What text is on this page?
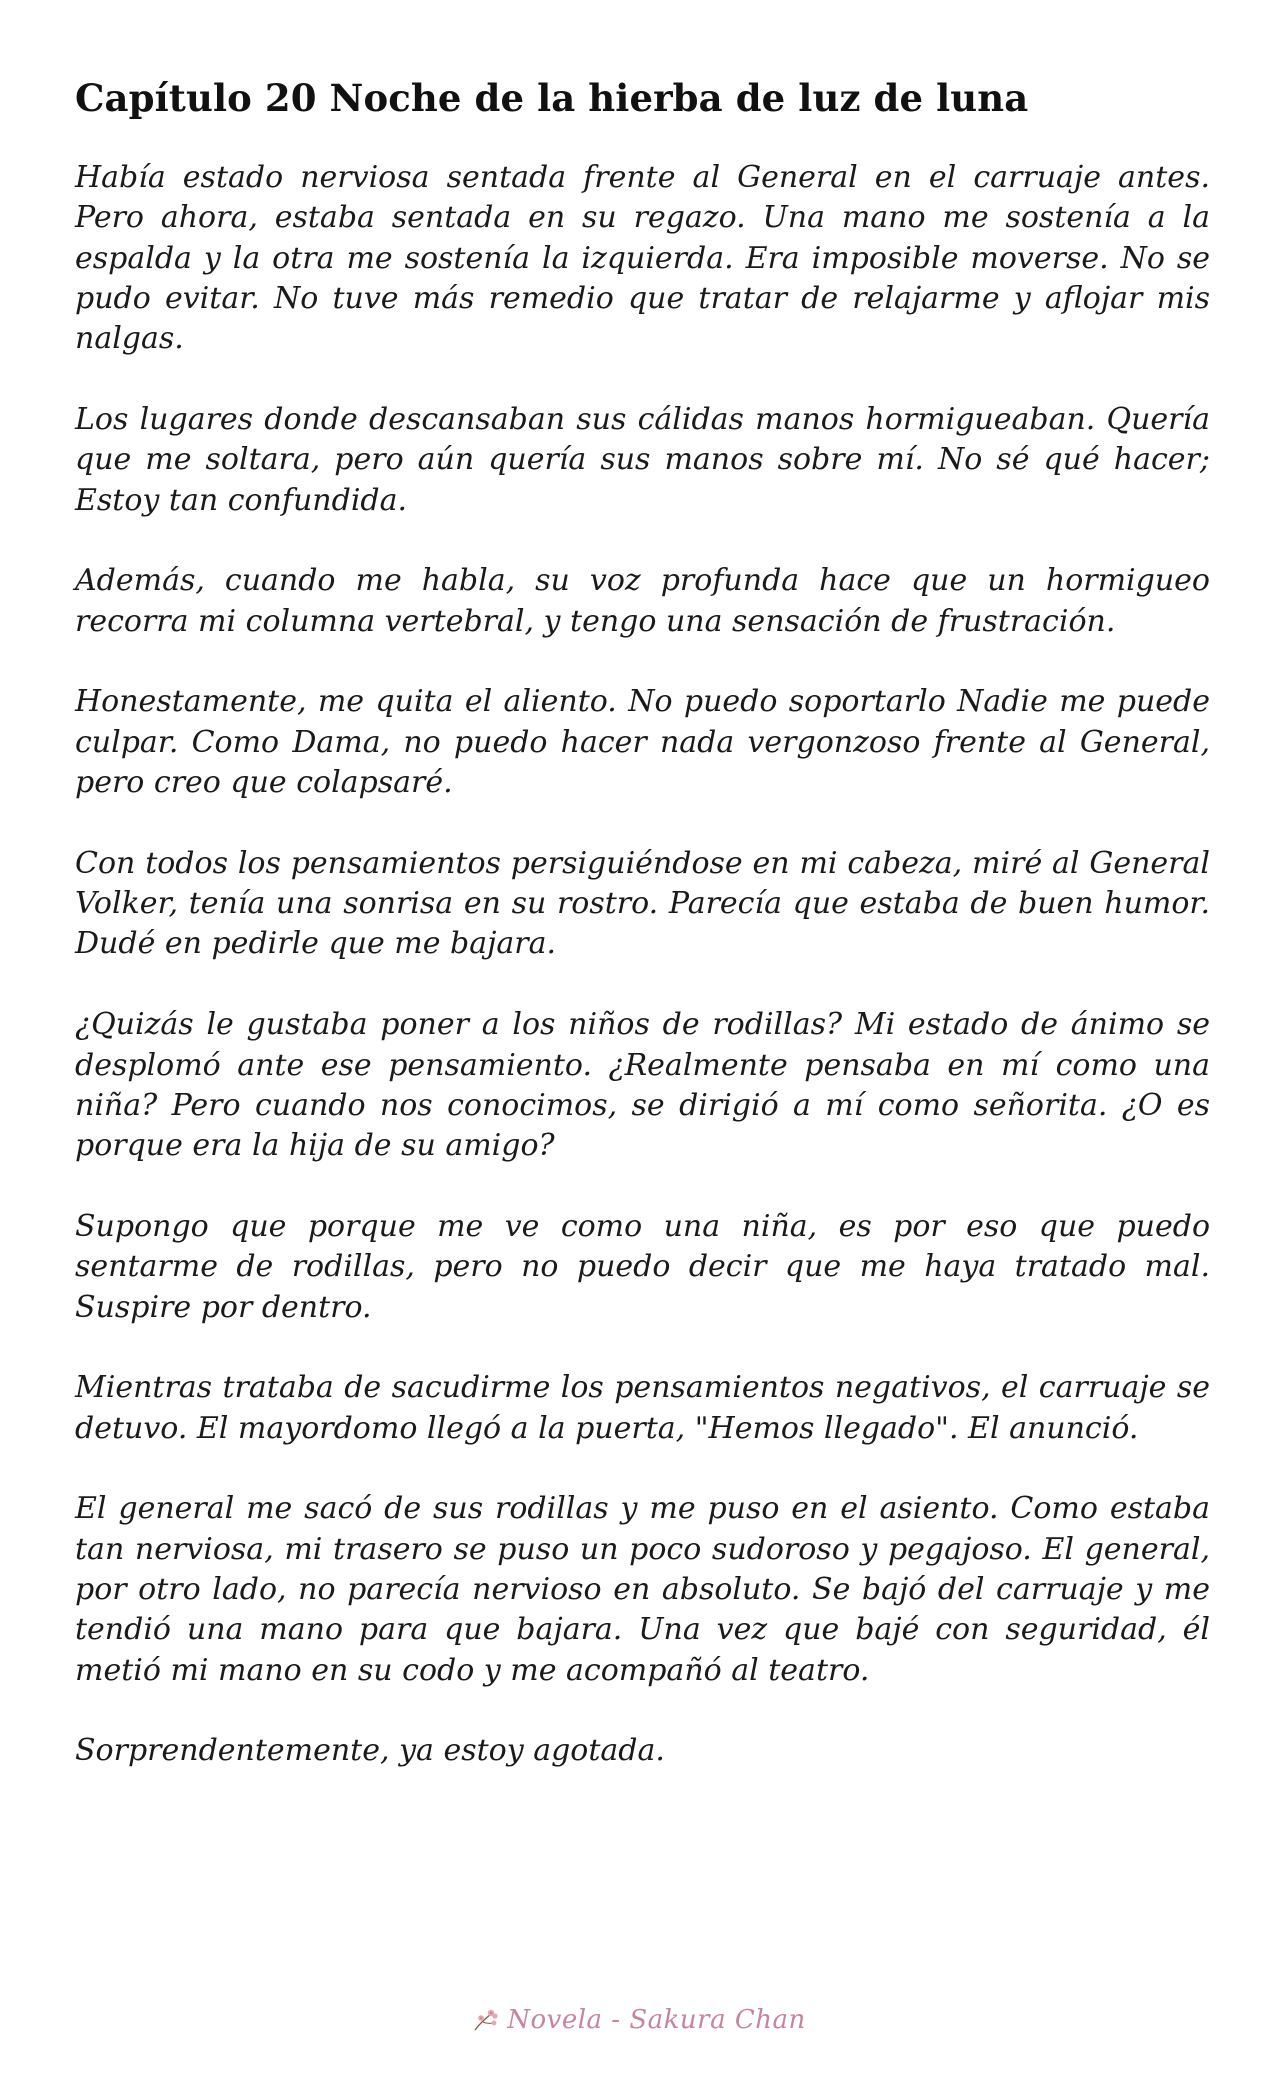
Capítulo 20 Noche de la hierba de luz de luna

Había estado nerviosa sentada frente al General en el carruaje antes. Pero ahora, estaba sentada en su regazo. Una mano me sostenía a la espalda y la otra me sostenía la izquierda. Era imposible moverse. No se pudo evitar. No tuve más remedio que tratar de relajarme y aflojar mis nalgas.

Los lugares donde descansaban sus cálidas manos hormigueaban. Quería que me soltara, pero aún quería sus manos sobre mí. No sé qué hacer; Estoy tan confundida.

Además, cuando me habla, su voz profunda hace que un hormigueo recorra mi columna vertebral, y tengo una sensación de frustración.

Honestamente, me quita el aliento. No puedo soportarlo Nadie me puede culpar. Como Dama, no puedo hacer nada vergonzoso frente al General, pero creo que colapsaré.

Con todos los pensamientos persiguiéndose en mi cabeza, miré al General Volker, tenía una sonrisa en su rostro. Parecía que estaba de buen humor. Dudé en pedirle que me bajara.

¿Quizás le gustaba poner a los niños de rodillas? Mi estado de ánimo se desplomó ante ese pensamiento. ¿Realmente pensaba en mí como una niña? Pero cuando nos conocimos, se dirigió a mí como señorita. ¿O es porque era la hija de su amigo?

Supongo que porque me ve como una niña, es por eso que puedo sentarme de rodillas, pero no puedo decir que me haya tratado mal. Suspire por dentro.

Mientras trataba de sacudirme los pensamientos negativos, el carruaje se detuvo. El mayordomo llegó a la puerta, "Hemos llegado". El anunció.

El general me sacó de sus rodillas y me puso en el asiento. Como estaba tan nerviosa, mi trasero se puso un poco sudoroso y pegajoso. El general, por otro lado, no parecía nervioso en absoluto. Se bajó del carruaje y me tendió una mano para que bajara. Una vez que bajé con seguridad, él metió mi mano en su codo y me acompañó al teatro.

Sorprendentemente, ya estoy agotada.

Novela - Sakura Chan
